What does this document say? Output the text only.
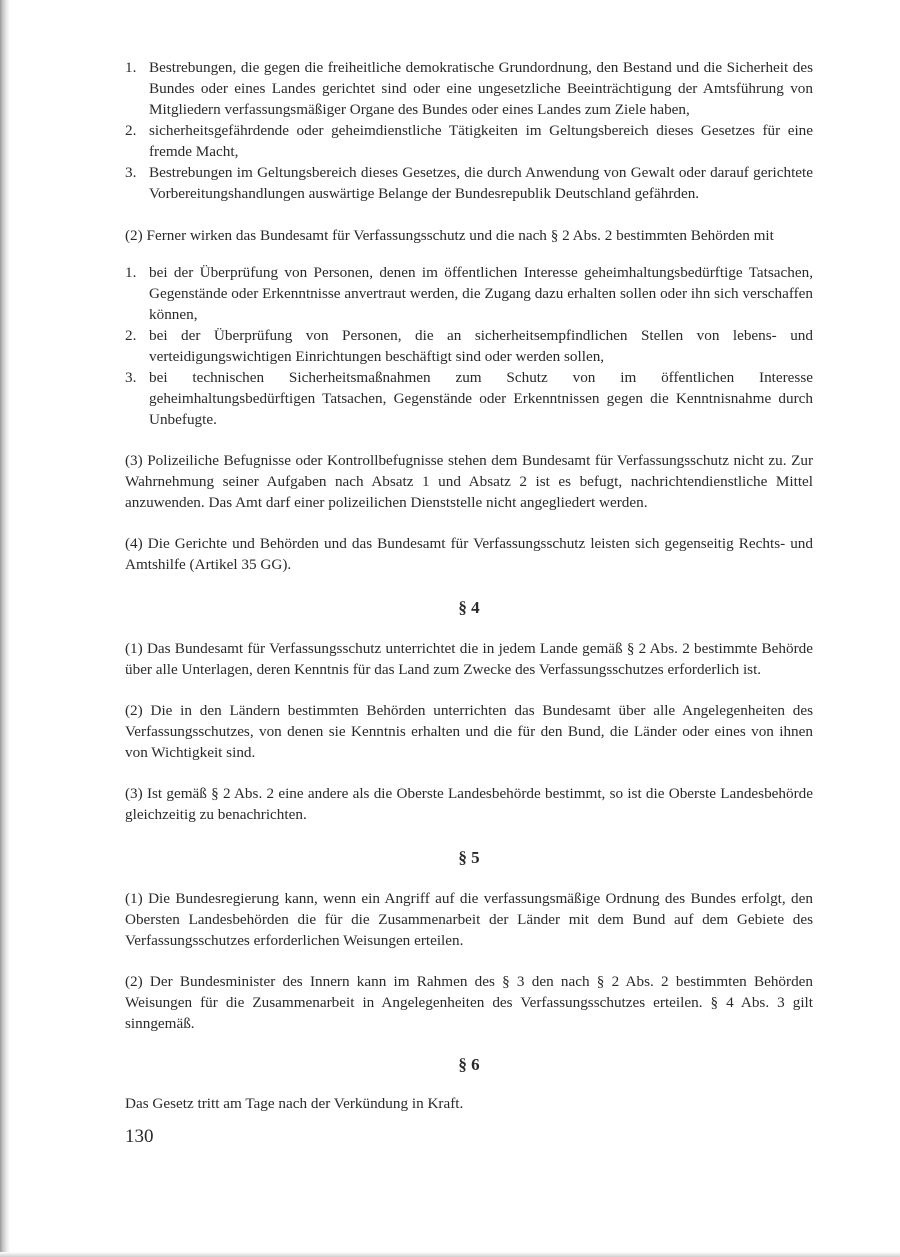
1. Bestrebungen, die gegen die freiheitliche demokratische Grundordnung, den Bestand und die Sicherheit des Bundes oder eines Landes gerichtet sind oder eine ungesetzliche Beeinträchtigung der Amtsführung von Mitgliedern verfassungsmäßiger Organe des Bundes oder eines Landes zum Ziele haben,
2. sicherheitsgefährdende oder geheimdienstliche Tätigkeiten im Geltungsbereich dieses Gesetzes für eine fremde Macht,
3. Bestrebungen im Geltungsbereich dieses Gesetzes, die durch Anwendung von Gewalt oder darauf gerichtete Vorbereitungshandlungen auswärtige Belange der Bundesrepublik Deutschland gefährden.

(2) Ferner wirken das Bundesamt für Verfassungsschutz und die nach § 2 Abs. 2 bestimmten Behörden mit

1. bei der Überprüfung von Personen, denen im öffentlichen Interesse geheimhaltungsbedürftige Tatsachen, Gegenstände oder Erkenntnisse anvertraut werden, die Zugang dazu erhalten sollen oder ihn sich verschaffen können,
2. bei der Überprüfung von Personen, die an sicherheitsempfindlichen Stellen von lebens- und verteidigungswichtigen Einrichtungen beschäftigt sind oder werden sollen,
3. bei technischen Sicherheitsmaßnahmen zum Schutz von im öffentlichen Interesse geheimhaltungsbedürftigen Tatsachen, Gegenstände oder Erkenntnissen gegen die Kenntnisnahme durch Unbefugte.

(3) Polizeiliche Befugnisse oder Kontrollbefugnisse stehen dem Bundesamt für Verfassungsschutz nicht zu. Zur Wahrnehmung seiner Aufgaben nach Absatz 1 und Absatz 2 ist es befugt, nachrichtendienstliche Mittel anzuwenden. Das Amt darf einer polizeilichen Dienststelle nicht angegliedert werden.

(4) Die Gerichte und Behörden und das Bundesamt für Verfassungsschutz leisten sich gegenseitig Rechts- und Amtshilfe (Artikel 35 GG).

§ 4

(1) Das Bundesamt für Verfassungsschutz unterrichtet die in jedem Lande gemäß § 2 Abs. 2 bestimmte Behörde über alle Unterlagen, deren Kenntnis für das Land zum Zwecke des Verfassungsschutzes erforderlich ist.

(2) Die in den Ländern bestimmten Behörden unterrichten das Bundesamt über alle Angelegenheiten des Verfassungsschutzes, von denen sie Kenntnis erhalten und die für den Bund, die Länder oder eines von ihnen von Wichtigkeit sind.

(3) Ist gemäß § 2 Abs. 2 eine andere als die Oberste Landesbehörde bestimmt, so ist die Oberste Landesbehörde gleichzeitig zu benachrichten.

§ 5

(1) Die Bundesregierung kann, wenn ein Angriff auf die verfassungsmäßige Ordnung des Bundes erfolgt, den Obersten Landesbehörden die für die Zusammenarbeit der Länder mit dem Bund auf dem Gebiete des Verfassungsschutzes erforderlichen Weisungen erteilen.

(2) Der Bundesminister des Innern kann im Rahmen des § 3 den nach § 2 Abs. 2 bestimmten Behörden Weisungen für die Zusammenarbeit in Angelegenheiten des Verfassungsschutzes erteilen. § 4 Abs. 3 gilt sinngemäß.

§ 6

Das Gesetz tritt am Tage nach der Verkündung in Kraft.

130
